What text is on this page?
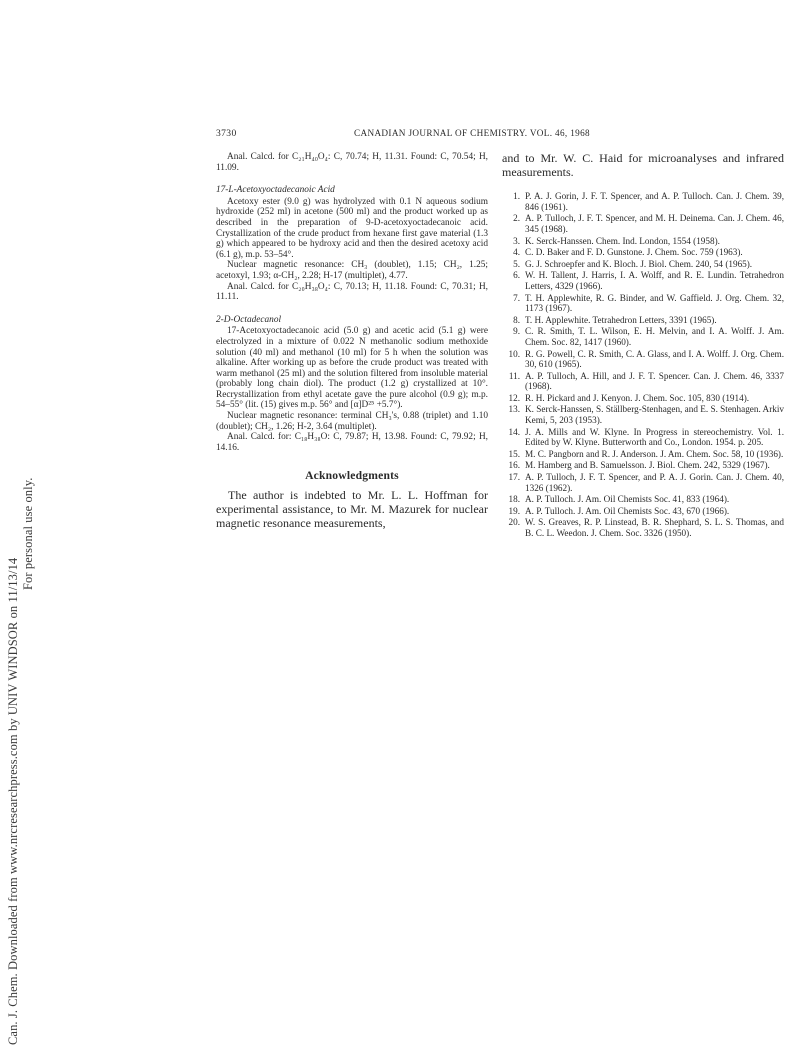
Can. J. Chem. Downloaded from www.nrcresearchpress.com by UNIV WINDSOR on 11/13/14
For personal use only.
3730	CANADIAN JOURNAL OF CHEMISTRY. VOL. 46, 1968

Anal. Calcd. for C₂₁H₄₀O₄: C, 70.74; H, 11.31. Found: C, 70.54; H, 11.09.

17-L-Acetoxyoctadecanoic Acid

Acetoxy ester (9.0 g) was hydrolyzed with 0.1 N aqueous sodium hydroxide (252 ml) in acetone (500 ml) and the product worked up as described in the preparation of 9-D-acetoxyoctadecanoic acid. Crystallization of the crude product from hexane first gave material (1.3 g) which appeared to be hydroxy acid and then the desired acetoxy acid (6.1 g), m.p. 53–54°.

Nuclear magnetic resonance: CH₃ (doublet), 1.15; CH₂, 1.25; acetoxyl, 1.93; α-CH₂, 2.28; H-17 (multiplet), 4.77.

Anal. Calcd. for C₂₀H₃₈O₄: C, 70.13; H, 11.18. Found: C, 70.31; H, 11.11.

2-D-Octadecanol

17-Acetoxyoctadecanoic acid (5.0 g) and acetic acid (5.1 g) were electrolyzed in a mixture of 0.022 N methanolic sodium methoxide solution (40 ml) and methanol (10 ml) for 5 h when the solution was alkaline. After working up as before the crude product was treated with warm methanol (25 ml) and the solution filtered from insoluble material (probably long chain diol). The product (1.2 g) crystallized at 10°. Recrystallization from ethyl acetate gave the pure alcohol (0.9 g); m.p. 54–55° (lit. (15) gives m.p. 56° and [α]D²⁵ +5.7°).

Nuclear magnetic resonance: terminal CH₃'s, 0.88 (triplet) and 1.10 (doublet); CH₂, 1.26; H-2, 3.64 (multiplet).

Anal. Calcd. for: C₁₈H₃₈O: C, 79.87; H, 13.98. Found: C, 79.92; H, 14.16.

Acknowledgments

The author is indebted to Mr. L. L. Hoffman for experimental assistance, to Mr. M. Mazurek for nuclear magnetic resonance measurements,

and to Mr. W. C. Haid for microanalyses and infrared measurements.

1. P. A. J. Gorin, J. F. T. Spencer, and A. P. Tulloch. Can. J. Chem. 39, 846 (1961).
2. A. P. Tulloch, J. F. T. Spencer, and M. H. Deinema. Can. J. Chem. 46, 345 (1968).
3. K. Serck-Hanssen. Chem. Ind. London, 1554 (1958).
4. C. D. Baker and F. D. Gunstone. J. Chem. Soc. 759 (1963).
5. G. J. Schroepfer and K. Bloch. J. Biol. Chem. 240, 54 (1965).
6. W. H. Tallent, J. Harris, I. A. Wolff, and R. E. Lundin. Tetrahedron Letters, 4329 (1966).
7. T. H. Applewhite, R. G. Binder, and W. Gaffield. J. Org. Chem. 32, 1173 (1967).
8. T. H. Applewhite. Tetrahedron Letters, 3391 (1965).
9. C. R. Smith, T. L. Wilson, E. H. Melvin, and I. A. Wolff. J. Am. Chem. Soc. 82, 1417 (1960).
10. R. G. Powell, C. R. Smith, C. A. Glass, and I. A. Wolff. J. Org. Chem. 30, 610 (1965).
11. A. P. Tulloch, A. Hill, and J. F. T. Spencer. Can. J. Chem. 46, 3337 (1968).
12. R. H. Pickard and J. Kenyon. J. Chem. Soc. 105, 830 (1914).
13. K. Serck-Hanssen, S. Ställberg-Stenhagen, and E. S. Stenhagen. Arkiv Kemi, 5, 203 (1953).
14. J. A. Mills and W. Klyne. In Progress in stereochemistry. Vol. 1. Edited by W. Klyne. Butterworth and Co., London. 1954. p. 205.
15. M. C. Pangborn and R. J. Anderson. J. Am. Chem. Soc. 58, 10 (1936).
16. M. Hamberg and B. Samuelsson. J. Biol. Chem. 242, 5329 (1967).
17. A. P. Tulloch, J. F. T. Spencer, and P. A. J. Gorin. Can. J. Chem. 40, 1326 (1962).
18. A. P. Tulloch. J. Am. Oil Chemists Soc. 41, 833 (1964).
19. A. P. Tulloch. J. Am. Oil Chemists Soc. 43, 670 (1966).
20. W. S. Greaves, R. P. Linstead, B. R. Shephard, S. L. S. Thomas, and B. C. L. Weedon. J. Chem. Soc. 3326 (1950).
